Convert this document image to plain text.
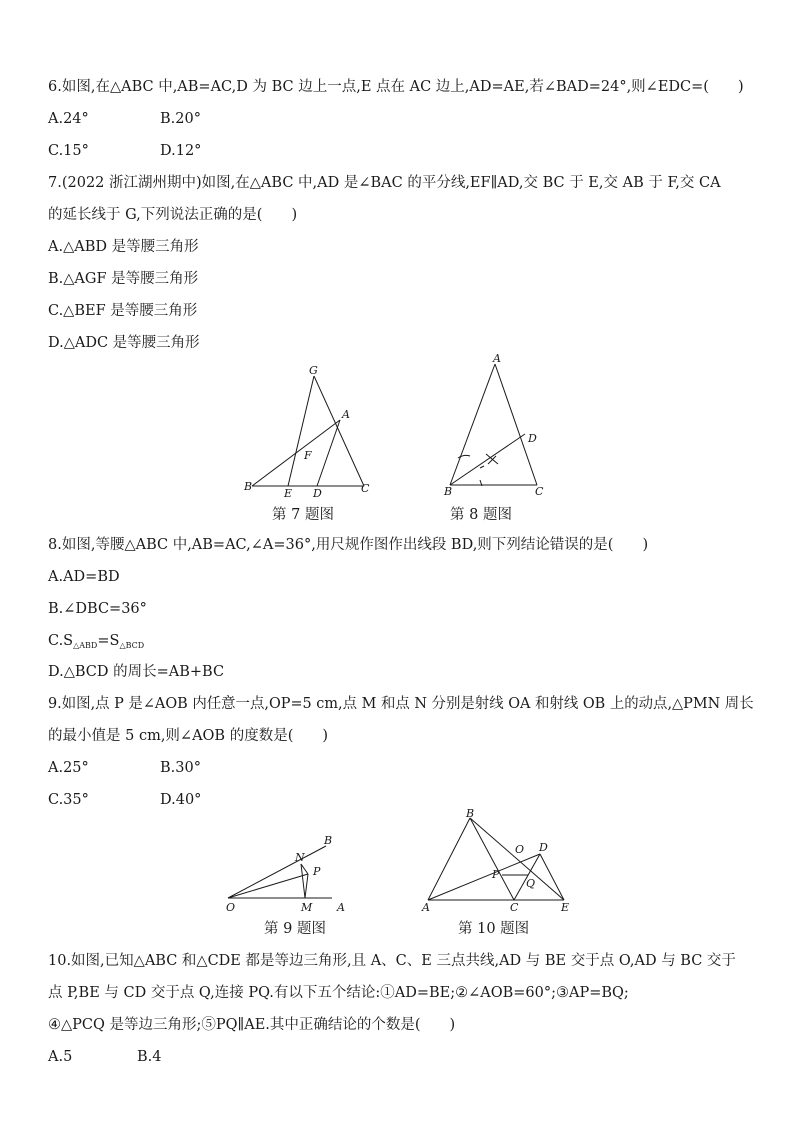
6.如图,在△ABC 中,AB=AC,D 为 BC 边上一点,E 点在 AC 边上,AD=AE,若∠BAD=24°,则∠EDC=(  )
A.24°	B.20°
C.15°	D.12°
7.(2022 浙江湖州期中)如图,在△ABC 中,AD 是∠BAC 的平分线,EF∥AD,交 BC 于 E,交 AB 于 F,交 CA
的延长线于 G,下列说法正确的是(  )
A.△ABD 是等腰三角形
B.△AGF 是等腰三角形
C.△BEF 是等腰三角形
D.△ADC 是等腰三角形
G
A
F
B
E D	C
A
D
B	C
第 7 题图	第 8 题图
8.如图,等腰△ABC 中,AB=AC,∠A=36°,用尺规作图作出线段 BD,则下列结论错误的是(  )
A.AD=BD
B.∠DBC=36°
$C.S_{\triangle ABD}=S_{\triangle BCD}$
D.△BCD 的周长=AB+BC
9.如图,点 P 是∠AOB 内任意一点,OP=5 cm,点 M 和点 N 分别是射线 OA 和射线 OB 上的动点,△PMN 周长
的最小值是 5 cm,则∠AOB 的度数是(  )
A.25°	B.30°
C.35°	D.40°
B
N
P
O	M A
B
O D
P
Q
A	C	E
第 9 题图	第 10 题图
10.如图,已知△ABC 和△CDE 都是等边三角形,且 A、C、E 三点共线,AD 与 BE 交于点 O,AD 与 BC 交于
点 P,BE 与 CD 交于点 Q,连接 PQ.有以下五个结论:①AD=BE;②∠AOB=60°;③AP=BQ;
④△PCQ 是等边三角形;⑤PQ∥AE.其中正确结论的个数是(  )
A.5	B.4
